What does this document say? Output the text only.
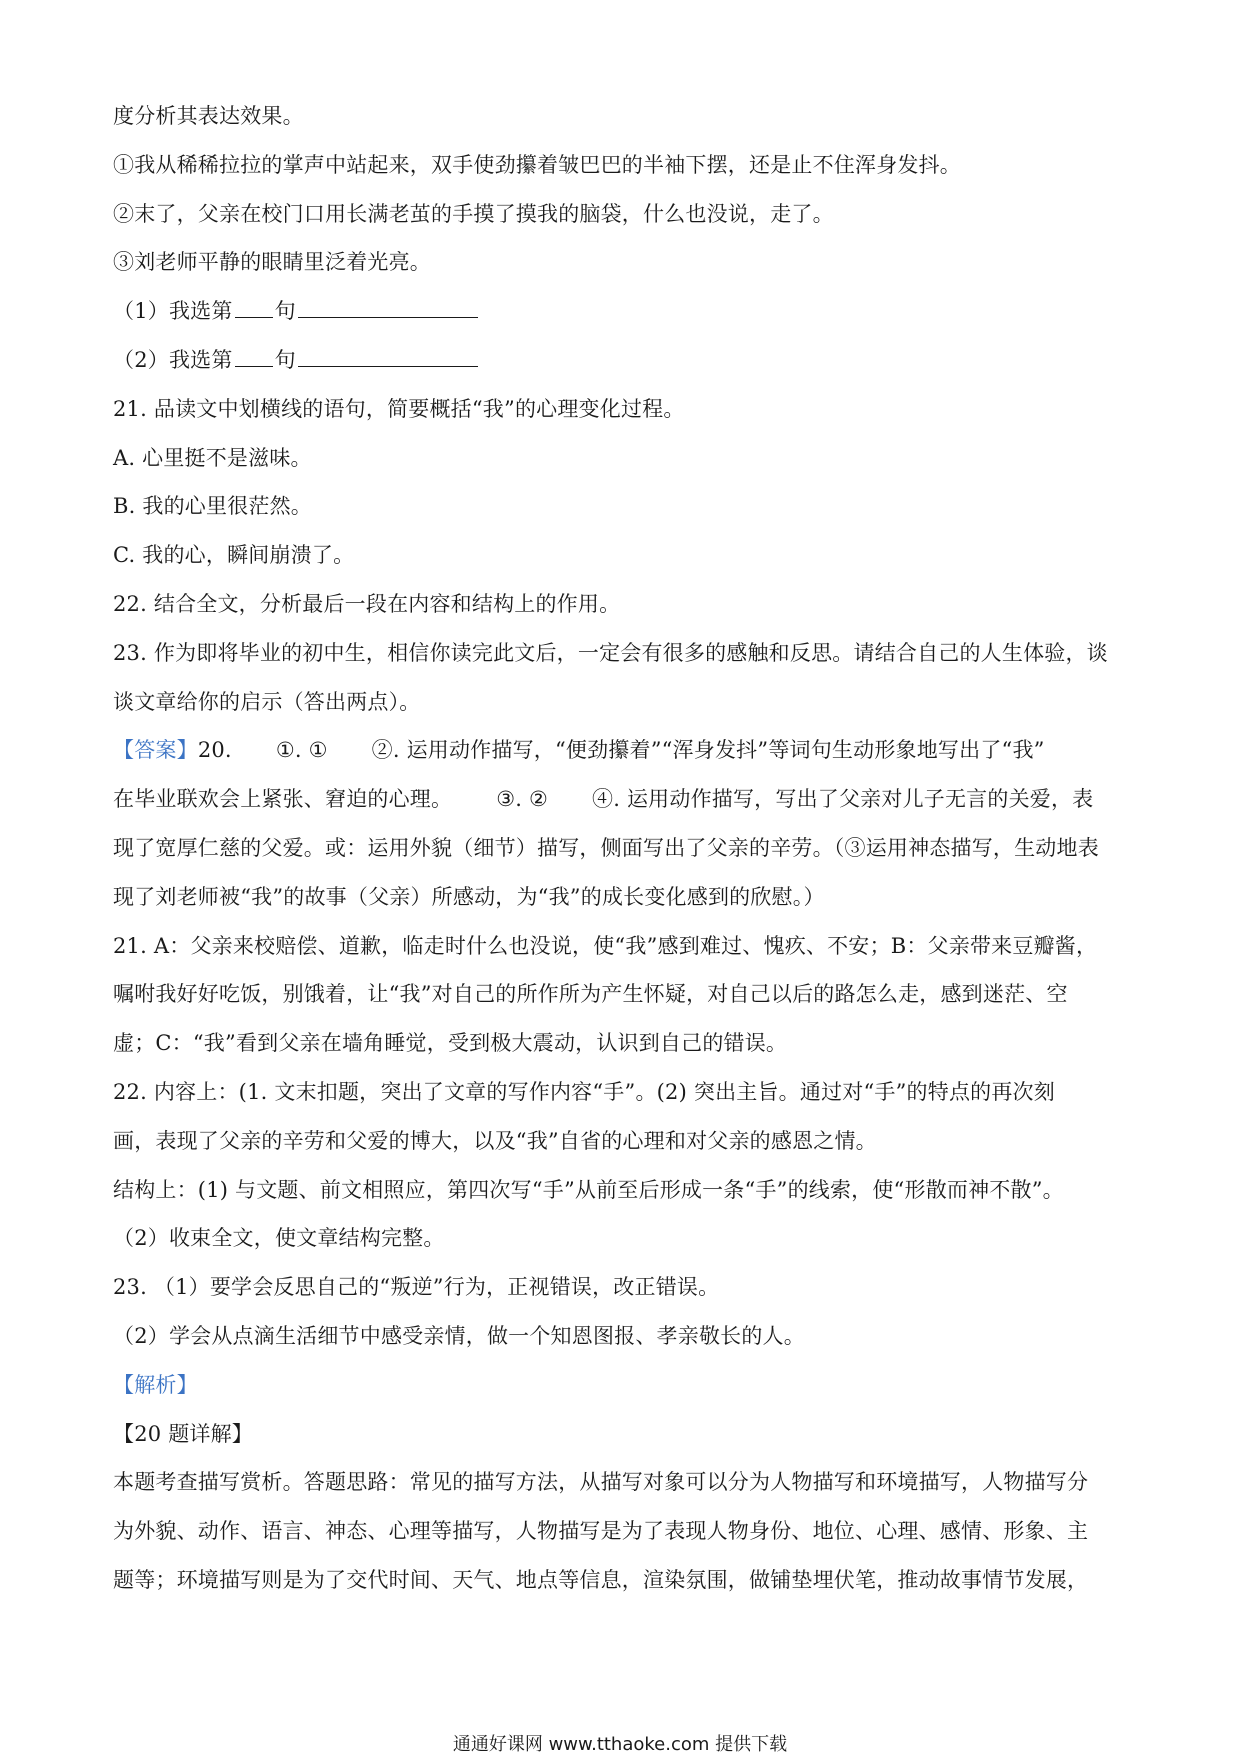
度分析其表达效果。
①我从稀稀拉拉的掌声中站起来，双手使劲攥着皱巴巴的半袖下摆，还是止不住浑身发抖。
②末了，父亲在校门口用长满老茧的手摸了摸我的脑袋，什么也没说，走了。
③刘老师平静的眼睛里泛着光亮。
（1）我选第 句
（2）我选第 句
21. 品读文中划横线的语句，简要概括“我”的心理变化过程。
A. 心里挺不是滋味。
B. 我的心里很茫然。
C. 我的心，瞬间崩溃了。
22. 结合全文，分析最后一段在内容和结构上的作用。
23. 作为即将毕业的初中生，相信你读完此文后，一定会有很多的感触和反思。请结合自己的人生体验，谈
谈文章给你的启示（答出两点）。
【答案】20. ①. ① ②. 运用动作描写，“便劲攥着”“浑身发抖”等词句生动形象地写出了“我”
在毕业联欢会上紧张、窘迫的心理。 ③. ② ④. 运用动作描写，写出了父亲对儿子无言的关爱，表
现了宽厚仁慈的父爱。或：运用外貌（细节）描写，侧面写出了父亲的辛劳。（③运用神态描写，生动地表
现了刘老师被“我”的故事（父亲）所感动，为“我”的成长变化感到的欣慰。）
21. A：父亲来校赔偿、道歉，临走时什么也没说，使“我”感到难过、愧疚、不安；B：父亲带来豆瓣酱，
嘱咐我好好吃饭，别饿着，让“我”对自己的所作所为产生怀疑，对自己以后的路怎么走，感到迷茫、空
虚；C：“我”看到父亲在墙角睡觉，受到极大震动，认识到自己的错误。
22. 内容上：(1. 文末扣题，突出了文章的写作内容“手”。(2) 突出主旨。通过对“手”的特点的再次刻
画，表现了父亲的辛劳和父爱的博大，以及“我”自省的心理和对父亲的感恩之情。
结构上：(1) 与文题、前文相照应，第四次写“手”从前至后形成一条“手”的线索，使“形散而神不散”。
（2）收束全文，使文章结构完整。
23. （1）要学会反思自己的“叛逆”行为，正视错误，改正错误。
（2）学会从点滴生活细节中感受亲情，做一个知恩图报、孝亲敬长的人。
【解析】
【20 题详解】
本题考查描写赏析。答题思路：常见的描写方法，从描写对象可以分为人物描写和环境描写，人物描写分
为外貌、动作、语言、神态、心理等描写，人物描写是为了表现人物身份、地位、心理、感情、形象、主
题等；环境描写则是为了交代时间、天气、地点等信息，渲染氛围，做铺垫埋伏笔，推动故事情节发展，
通通好课网 www.tthaoke.com 提供下载
